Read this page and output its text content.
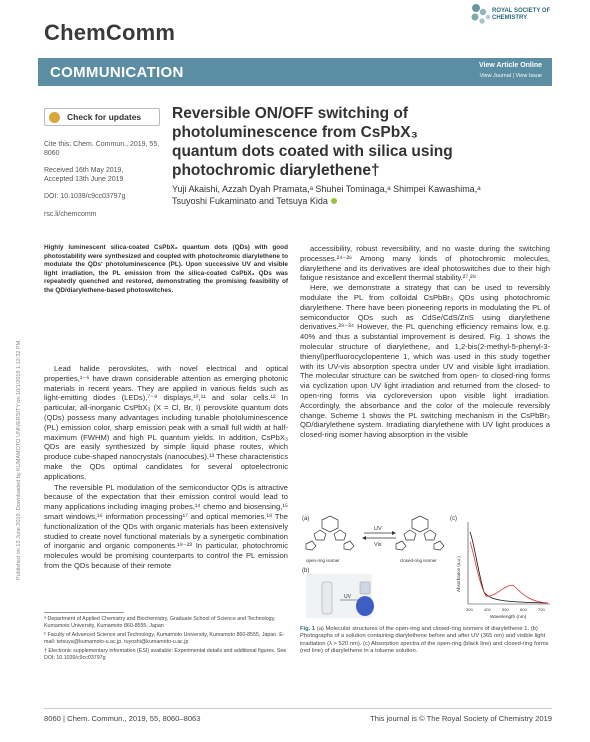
ChemComm
ROYAL SOCIETY OF CHEMISTRY
COMMUNICATION	View Article Online
View Journal | View Issue
Check for updates
Cite this: Chem. Commun., 2019, 55, 8060
Received 16th May 2019,
Accepted 13th June 2019
DOI: 10.1039/c9cc03797g
rsc.li/chemcomm
Reversible ON/OFF switching of photoluminescence from CsPbX₃ quantum dots coated with silica using photochromic diarylethene†
Yuji Akaishi, Azzah Dyah Pramata,ᵃ Shuhei Tominaga,ᵃ Shimpei Kawashima,ᵃ
Tsuyoshi Fukaminato and Tetsuya Kida
Published on 13 June 2019. Downloaded by KUMAMOTO UNIVERSITY on 10/1/2019 1:12:32 PM.
Highly luminescent silica-coated CsPbX₃ quantum dots (QDs) with good photostability were synthesized and coupled with photochromic diarylethene to modulate the QDs' photoluminescence (PL). Upon successive UV and visible light irradiation, the PL emission from the silica-coated CsPbX₃ QDs was repeatedly quenched and restored, demonstrating the promising feasibility of the QD/diarylethene-based photoswitches.

Lead halide perovskites, with novel electrical and optical properties,¹⁻⁶ have drawn considerable attention as emerging photonic materials in recent years. They are applied in various fields such as light-emitting diodes (LEDs),⁷⁻⁹ displays,¹⁰,¹¹ and solar cells.¹² In particular, all-inorganic CsPbX₃ (X = Cl, Br, I) perovskite quantum dots (QDs) possess many advantages including tunable photoluminescence (PL) emission color, sharp emission peak with a small full width at half-maximum (FWHM) and high PL quantum yields. In addition, CsPbX₃ QDs are easily synthesized by simple liquid phase routes, which produce cube-shaped nanocrystals (nanocubes).¹³ These characteristics make the QDs optimal candidates for several optoelectronic applications.

The reversible PL modulation of the semiconductor QDs is attractive because of the expectation that their emission control would lead to many applications including imaging probes,¹⁴ chemo and biosensing,¹⁵ smart windows,¹⁶ information processing¹⁷ and optical memories.¹⁸ The functionalization of the QDs with organic materials has been extensively studied to create novel functional materials by a synergetic combination of inorganic and organic components.¹⁹⁻²³ In particular, photochromic molecules would be promising counterparts to control the PL emission from the QDs because of their remote

accessibility, robust reversibility, and no waste during the switching processes.²⁴⁻²⁶ Among many kinds of photochromic molecules, diarylethene and its derivatives are ideal photoswitches due to their high fatigue resistance and excellent thermal stability.²⁷,²⁸

Here, we demonstrate a strategy that can be used to reversibly modulate the PL from colloidal CsPbBr₃ QDs using photochromic diarylethene. There have been pioneering reports in modulating the PL of semiconductor QDs such as CdSe/CdS/ZnS using diarylethene derivatives.²⁹⁻³⁴ However, the PL quenching efficiency remains low, e.g. 40% and thus a substantial improvement is desired. Fig. 1 shows the molecular structure of diarylethene, and 1,2-bis(2-methyl-5-phenyl-3-thienyl)perfluorocyclopentene 1, which was used in this study together with its UV-vis absorption spectra under UV and visible light irradiation. The molecular structure can be switched from open- to closed-ring forms via cyclization upon UV light irradiation and returned from the closed- to open-ring forms via cycloreversion upon visible light irradiation. Accordingly, the absorbance and the color of the molecule reversibly change. Scheme 1 shows the PL switching mechanism in the CsPbBr₃ QD/diarylethene system. Irradiating diarylethene with UV light produces a closed-ring isomer having absorption in the visible

ᵃ Department of Applied Chemistry and Biochemistry, Graduate School of Science and Technology, Kumamoto University, Kumamoto 860-8555, Japan

ᵇ Faculty of Advanced Science and Technology, Kumamoto University, Kumamoto 860-8555, Japan. E-mail: tetsuya@kumamoto-u.ac.jp, tuyoshi@kumamoto-u.ac.jp

† Electronic supplementary information (ESI) available: Experimental details and additional figures. See DOI: 10.1039/c9cc03797g

(a)
open-ring isomer
UV
Vis
closed-ring isomer
(b)
UV
(c)
Absorbance (a.u.)
Wavelength (nm)
300	400	500	600	700
Fig. 1 (a) Molecular structures of the open-ring and closed-ring isomers of diarylethene 1. (b) Photographs of a solution containing diarylethene before and after UV (365 nm) and visible light irradiation (λ > 520 nm). (c) Absorption spectra of the open-ring (black line) and closed-ring forms (red line) of diarylethene in a toluene solution.
8060 | Chem. Commun., 2019, 55, 8060–8063	This journal is © The Royal Society of Chemistry 2019
